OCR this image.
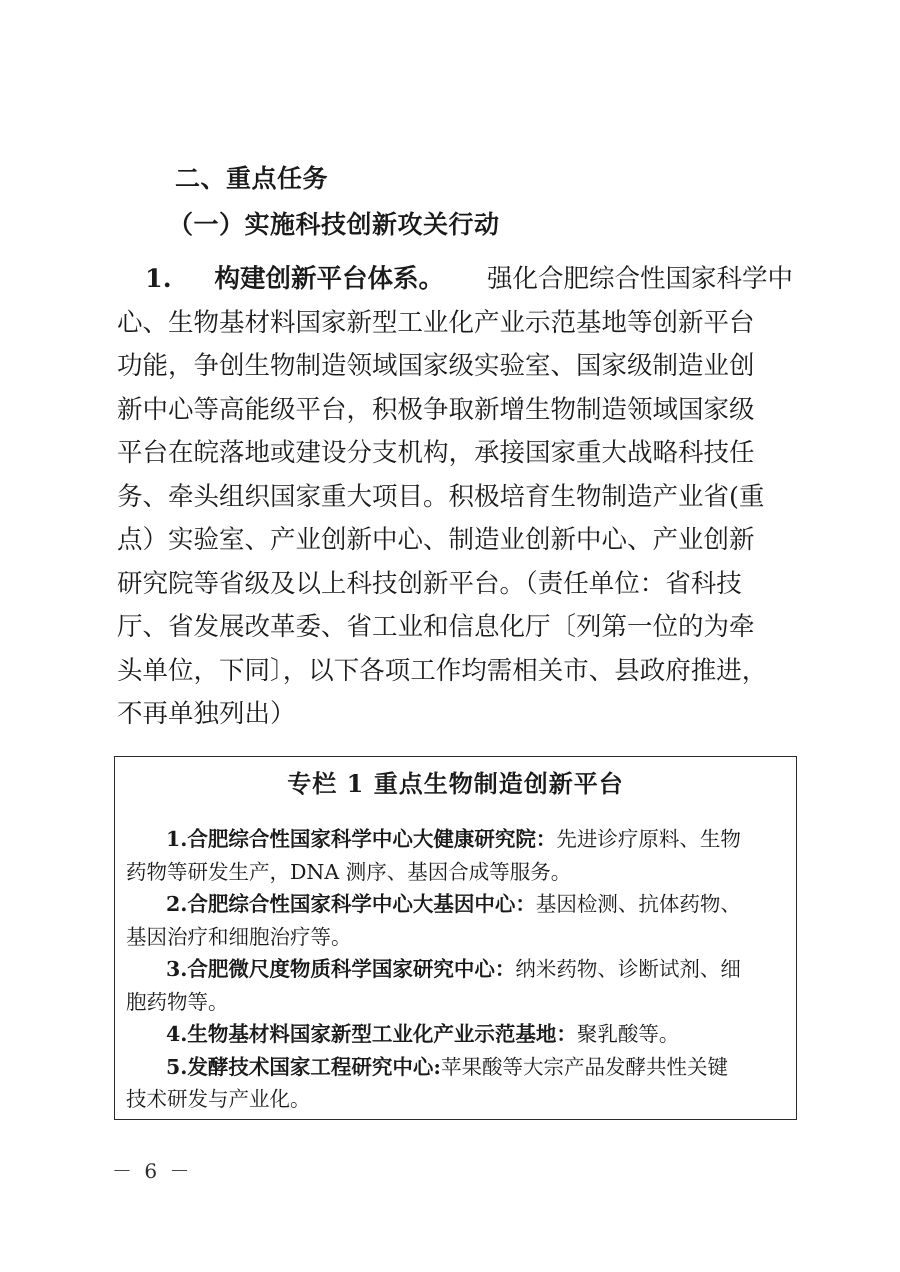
二、重点任务
（一）实施科技创新攻关行动
1. 构建创新平台体系。 强化合肥综合性国家科学中
心、生物基材料国家新型工业化产业示范基地等创新平台
功能，争创生物制造领域国家级实验室、国家级制造业创
新中心等高能级平台，积极争取新增生物制造领域国家级
平台在皖落地或建设分支机构，承接国家重大战略科技任
务、牵头组织国家重大项目。积极培育生物制造产业省(重
点）实验室、产业创新中心、制造业创新中心、产业创新
研究院等省级及以上科技创新平台。（责任单位：省科技
厅、省发展改革委、省工业和信息化厅〔列第一位的为牵
头单位，下同〕，以下各项工作均需相关市、县政府推进，
不再单独列出）
专栏 1 重点生物制造创新平台
1.合肥综合性国家科学中心大健康研究院：先进诊疗原料、生物
药物等研发生产，DNA 测序、基因合成等服务。
2.合肥综合性国家科学中心大基因中心：基因检测、抗体药物、
基因治疗和细胞治疗等。
3.合肥微尺度物质科学国家研究中心：纳米药物、诊断试剂、细
胞药物等。
4.生物基材料国家新型工业化产业示范基地：聚乳酸等。
5.发酵技术国家工程研究中心:苹果酸等大宗产品发酵共性关键
技术研发与产业化。
－ 6 －
